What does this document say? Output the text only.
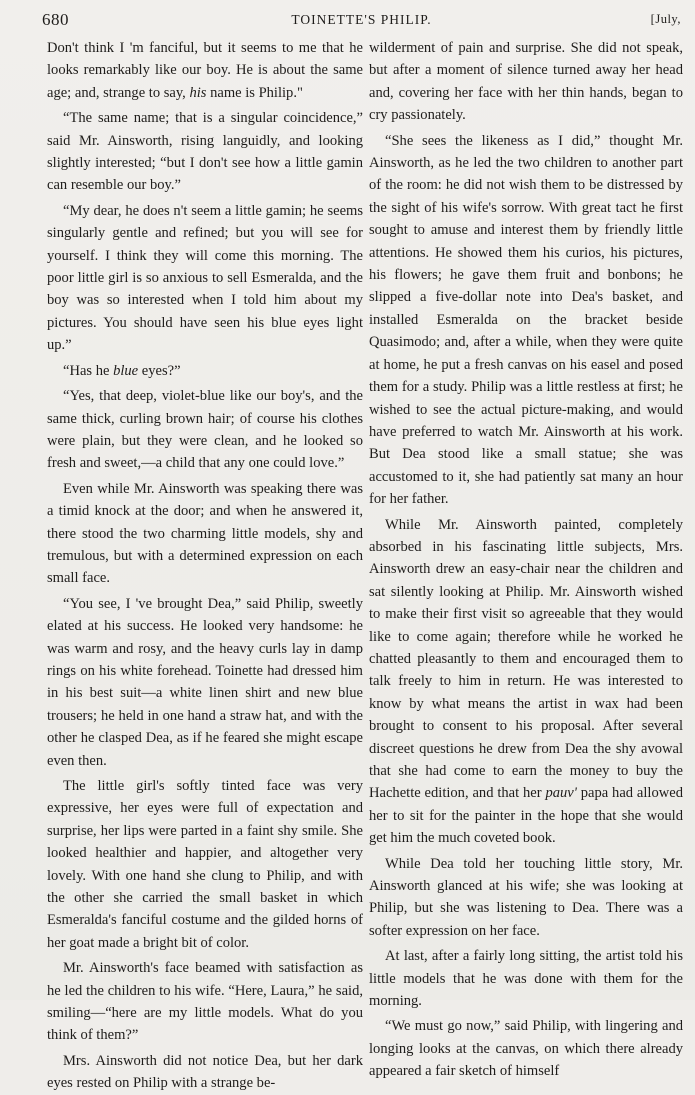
680	TOINETTE'S PHILIP.	[July,

Don't think I 'm fanciful, but it seems to me that he looks remarkably like our boy. He is about the same age; and, strange to say, his name is Philip."

“The same name; that is a singular coincidence,” said Mr. Ainsworth, rising languidly, and looking slightly interested; “but I don't see how a little gamin can resemble our boy.”

“My dear, he does n't seem a little gamin; he seems singularly gentle and refined; but you will see for yourself. I think they will come this morning. The poor little girl is so anxious to sell Esmeralda, and the boy was so interested when I told him about my pictures. You should have seen his blue eyes light up.”

“Has he blue eyes?”

“Yes, that deep, violet-blue like our boy's, and the same thick, curling brown hair; of course his clothes were plain, but they were clean, and he looked so fresh and sweet,—a child that any one could love.”

Even while Mr. Ainsworth was speaking there was a timid knock at the door; and when he answered it, there stood the two charming little models, shy and tremulous, but with a determined expression on each small face.

“You see, I 've brought Dea,” said Philip, sweetly elated at his success. He looked very handsome: he was warm and rosy, and the heavy curls lay in damp rings on his white forehead. Toinette had dressed him in his best suit—a white linen shirt and new blue trousers; he held in one hand a straw hat, and with the other he clasped Dea, as if he feared she might escape even then.

The little girl's softly tinted face was very expressive, her eyes were full of expectation and surprise, her lips were parted in a faint shy smile. She looked healthier and happier, and altogether very lovely. With one hand she clung to Philip, and with the other she carried the small basket in which Esmeralda's fanciful costume and the gilded horns of her goat made a bright bit of color.

Mr. Ainsworth's face beamed with satisfaction as he led the children to his wife. “Here, Laura,” he said, smiling—“here are my little models. What do you think of them?”

Mrs. Ainsworth did not notice Dea, but her dark eyes rested on Philip with a strange be-

wilderment of pain and surprise. She did not speak, but after a moment of silence turned away her head and, covering her face with her thin hands, began to cry passionately.

“She sees the likeness as I did,” thought Mr. Ainsworth, as he led the two children to another part of the room: he did not wish them to be distressed by the sight of his wife's sorrow. With great tact he first sought to amuse and interest them by friendly little attentions. He showed them his curios, his pictures, his flowers; he gave them fruit and bonbons; he slipped a five-dollar note into Dea's basket, and installed Esmeralda on the bracket beside Quasimodo; and, after a while, when they were quite at home, he put a fresh canvas on his easel and posed them for a study. Philip was a little restless at first; he wished to see the actual picture-making, and would have preferred to watch Mr. Ainsworth at his work. But Dea stood like a small statue; she was accustomed to it, she had patiently sat many an hour for her father.

While Mr. Ainsworth painted, completely absorbed in his fascinating little subjects, Mrs. Ainsworth drew an easy-chair near the children and sat silently looking at Philip. Mr. Ainsworth wished to make their first visit so agreeable that they would like to come again; therefore while he worked he chatted pleasantly to them and encouraged them to talk freely to him in return. He was interested to know by what means the artist in wax had been brought to consent to his proposal. After several discreet questions he drew from Dea the shy avowal that she had come to earn the money to buy the Hachette edition, and that her pauv' papa had allowed her to sit for the painter in the hope that she would get him the much coveted book.

While Dea told her touching little story, Mr. Ainsworth glanced at his wife; she was looking at Philip, but she was listening to Dea. There was a softer expression on her face.

At last, after a fairly long sitting, the artist told his little models that he was done with them for the morning.

“We must go now,” said Philip, with lingering and longing looks at the canvas, on which there already appeared a fair sketch of himself
